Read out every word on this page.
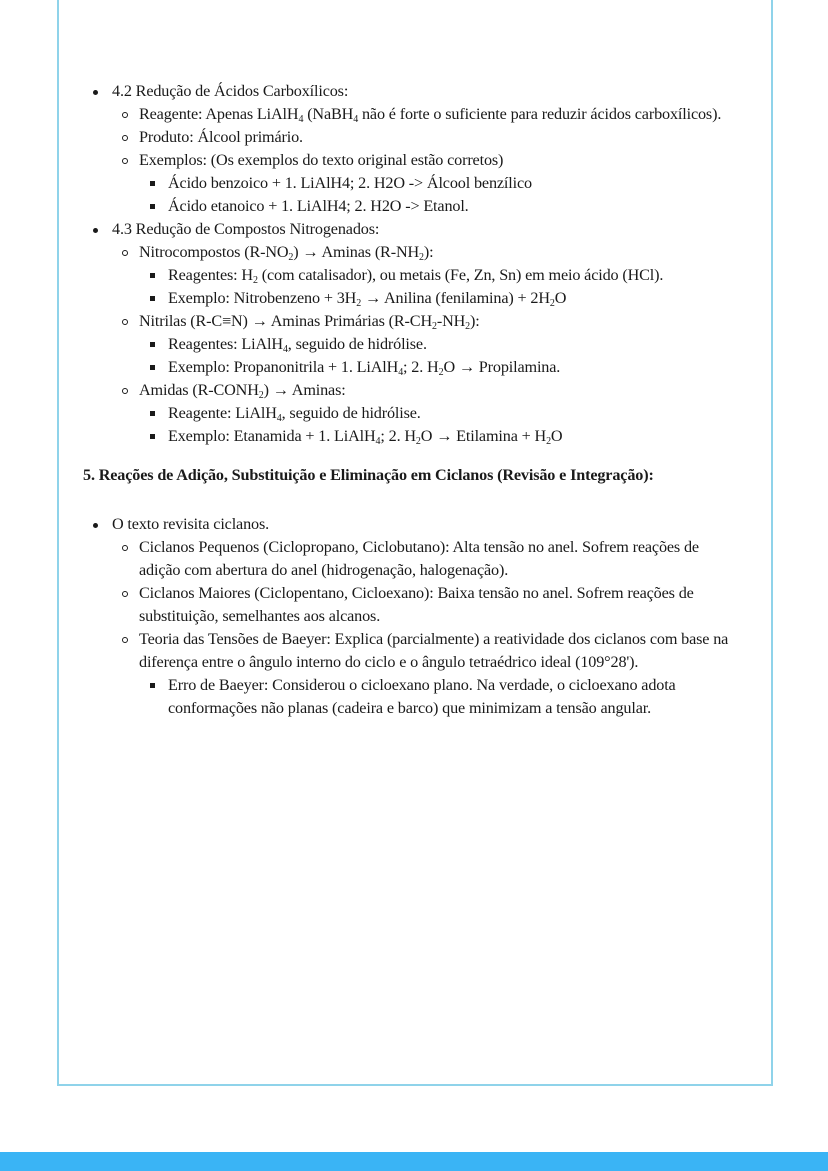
4.2 Redução de Ácidos Carboxílicos:
Reagente: Apenas LiAlH$_4$ (NaBH$_4$ não é forte o suficiente para reduzir ácidos carboxílicos).
Produto: Álcool primário.
Exemplos: (Os exemplos do texto original estão corretos)
Ácido benzoico + 1. LiAlH4; 2. H2O -> Álcool benzílico
Ácido etanoico + 1. LiAlH4; 2. H2O -> Etanol.
4.3 Redução de Compostos Nitrogenados:
Nitrocompostos $(R-NO_2)$ → Aminas $(R-NH_2)$:
Reagentes: $H_2$ (com catalisador), ou metais (Fe, Zn, Sn) em meio ácido (HCl).
Exemplo: Nitrobenzeno + $3H_2$ → Anilina (fenilamina) + $2H_2O$
Nitrilas (R-C≡N) → Aminas Primárias $(R-CH_2-NH_2)$:
Reagentes: LiAlH$_4$, seguido de hidrólise.
Exemplo: Propanonitrila + 1. LiAlH$_4$; 2. $H_2O$ → Propilamina.
Amidas $(R-CONH_2)$ → Aminas:
Reagente: LiAlH$_4$, seguido de hidrólise.
Exemplo: Etanamida + 1. LiAlH$_4$; 2. $H_2O$ → Etilamina + $H_2O$
5. Reações de Adição, Substituição e Eliminação em Ciclanos (Revisão e Integração):
O texto revisita ciclanos.
Ciclanos Pequenos (Ciclopropano, Ciclobutano): Alta tensão no anel. Sofrem reações de adição com abertura do anel (hidrogenação, halogenação).
Ciclanos Maiores (Ciclopentano, Cicloexano): Baixa tensão no anel. Sofrem reações de substituição, semelhantes aos alcanos.
Teoria das Tensões de Baeyer: Explica (parcialmente) a reatividade dos ciclanos com base na diferença entre o ângulo interno do ciclo e o ângulo tetraédrico ideal (109°28').
Erro de Baeyer: Considerou o cicloexano plano. Na verdade, o cicloexano adota conformações não planas (cadeira e barco) que minimizam a tensão angular.
